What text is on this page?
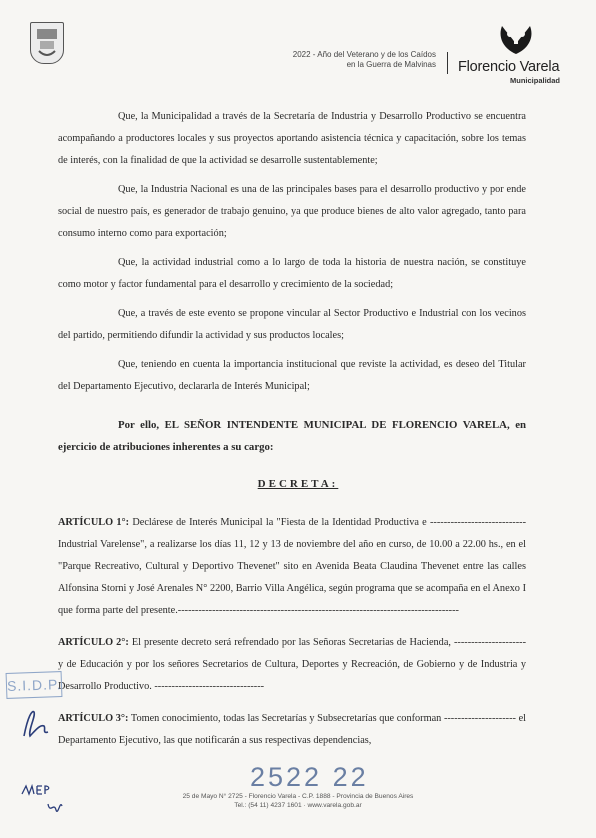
2022 - Año del Veterano y de los Caídos
en la Guerra de Malvinas Florencio Varela
Municipalidad
Que, la Municipalidad a través de la Secretaría de Industria y Desarrollo Productivo se encuentra acompañando a productores locales y sus proyectos aportando asistencia técnica y capacitación, sobre los temas de interés, con la finalidad de que la actividad se desarrolle sustentablemente;
Que, la Industria Nacional es una de las principales bases para el desarrollo productivo y por ende social de nuestro país, es generador de trabajo genuino, ya que produce bienes de alto valor agregado, tanto para consumo interno como para exportación;
Que, la actividad industrial como a lo largo de toda la historia de nuestra nación, se constituye como motor y factor fundamental para el desarrollo y crecimiento de la sociedad;
Que, a través de este evento se propone vincular al Sector Productivo e Industrial con los vecinos del partido, permitiendo difundir la actividad y sus productos locales;
Que, teniendo en cuenta la importancia institucional que reviste la actividad, es deseo del Titular del Departamento Ejecutivo, declararla de Interés Municipal;
Por ello, EL SEÑOR INTENDENTE MUNICIPAL DE FLORENCIO VARELA, en ejercicio de atribuciones inherentes a su cargo:
DECRETA:
ARTÍCULO 1°: Declárese de Interés Municipal la "Fiesta de la Identidad Productiva e ---------------------------- Industrial Varelense", a realizarse los días 11, 12 y 13 de noviembre del año en curso, de 10.00 a 22.00 hs., en el "Parque Recreativo, Cultural y Deportivo Thevenet" sito en Avenida Beata Claudina Thevenet entre las calles Alfonsina Storni y José Arenales N° 2200, Barrio Villa Angélica, según programa que se acompaña en el Anexo I que forma parte del presente.----------------------------------------------------------------------------------
ARTÍCULO 2°: El presente decreto será refrendado por las Señoras Secretarias de Hacienda, --------------------- y de Educación y por los señores Secretarios de Cultura, Deportes y Recreación, de Gobierno y de Industria y Desarrollo Productivo. --------------------------------
ARTÍCULO 3°: Tomen conocimiento, todas las Secretarías y Subsecretarías que conforman --------------------- el Departamento Ejecutivo, las que notificarán a sus respectivas dependencias,
S.I.D.P.
2522 22
25 de Mayo N° 2725 - Florencio Varela - C.P. 1888 - Provincia de Buenos Aires
Tel.: (54 11) 4237 1601 · www.varela.gob.ar
